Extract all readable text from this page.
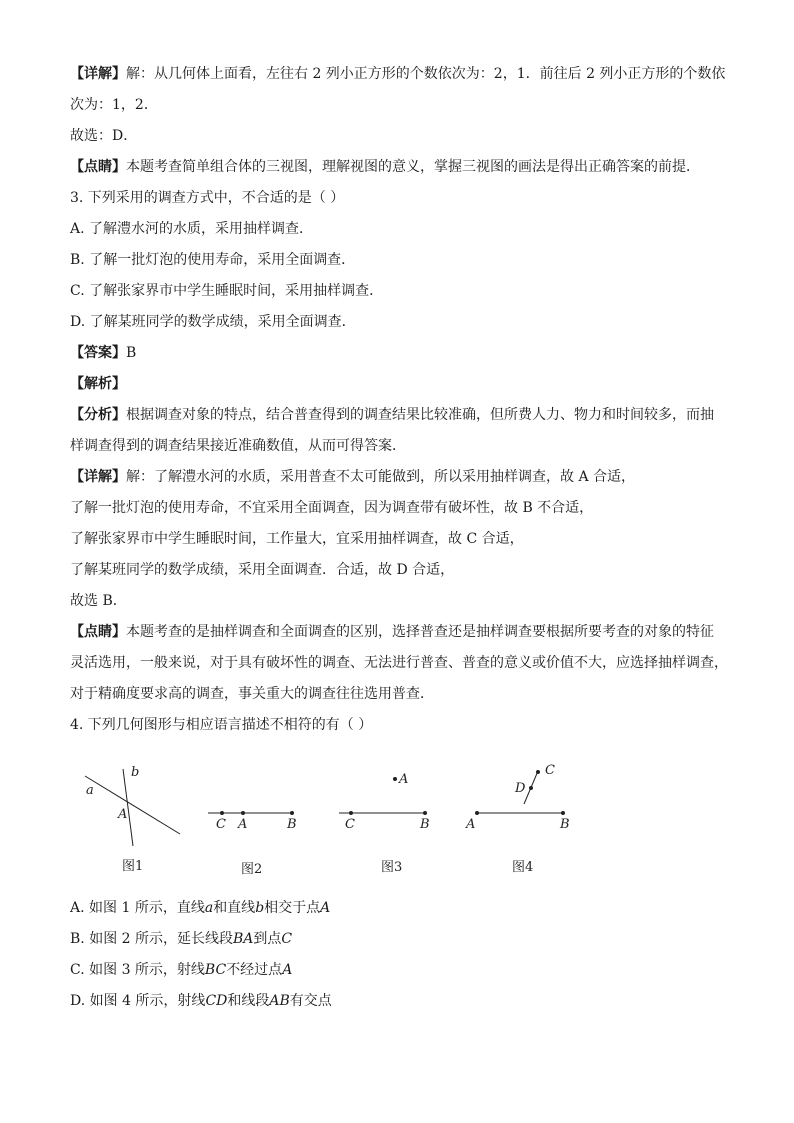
【详解】解：从几何体上面看，左往右 2 列小正方形的个数依次为：2，1．前往后 2 列小正方形的个数依
次为：1，2．
故选：D．
【点睛】本题考查简单组合体的三视图，理解视图的意义，掌握三视图的画法是得出正确答案的前提．
3. 下列采用的调查方式中，不合适的是（ ）
A. 了解澧水河的水质，采用抽样调查．
B. 了解一批灯泡的使用寿命，采用全面调查．
C. 了解张家界市中学生睡眠时间，采用抽样调查．
D. 了解某班同学的数学成绩，采用全面调查．
【答案】B
【解析】
【分析】根据调查对象的特点，结合普查得到的调查结果比较准确，但所费人力、物力和时间较多，而抽
样调查得到的调查结果接近准确数值，从而可得答案．
【详解】解：了解澧水河的水质，采用普查不太可能做到，所以采用抽样调查，故 A 合适，
了解一批灯泡的使用寿命，不宜采用全面调查，因为调查带有破坏性，故 B 不合适，
了解张家界市中学生睡眠时间，工作量大，宜采用抽样调查，故 C 合适，
了解某班同学的数学成绩，采用全面调查．合适，故 D 合适，
故选 B．
【点睛】本题考查的是抽样调查和全面调查的区别，选择普查还是抽样调查要根据所要考查的对象的特征
灵活选用，一般来说，对于具有破坏性的调查、无法进行普查、普查的意义或价值不大，应选择抽样调查，
对于精确度要求高的调查，事关重大的调查往往选用普查．
4. 下列几何图形与相应语言描述不相符的有（ ）
a
b
A
图1
C A	B
图2
A
C	B
图3
C
D
A	B
图4
A. 如图 1 所示，直线a和直线b相交于点A
B. 如图 2 所示，延长线段BA到点C
C. 如图 3 所示，射线BC不经过点A
D. 如图 4 所示，射线CD和线段AB有交点
